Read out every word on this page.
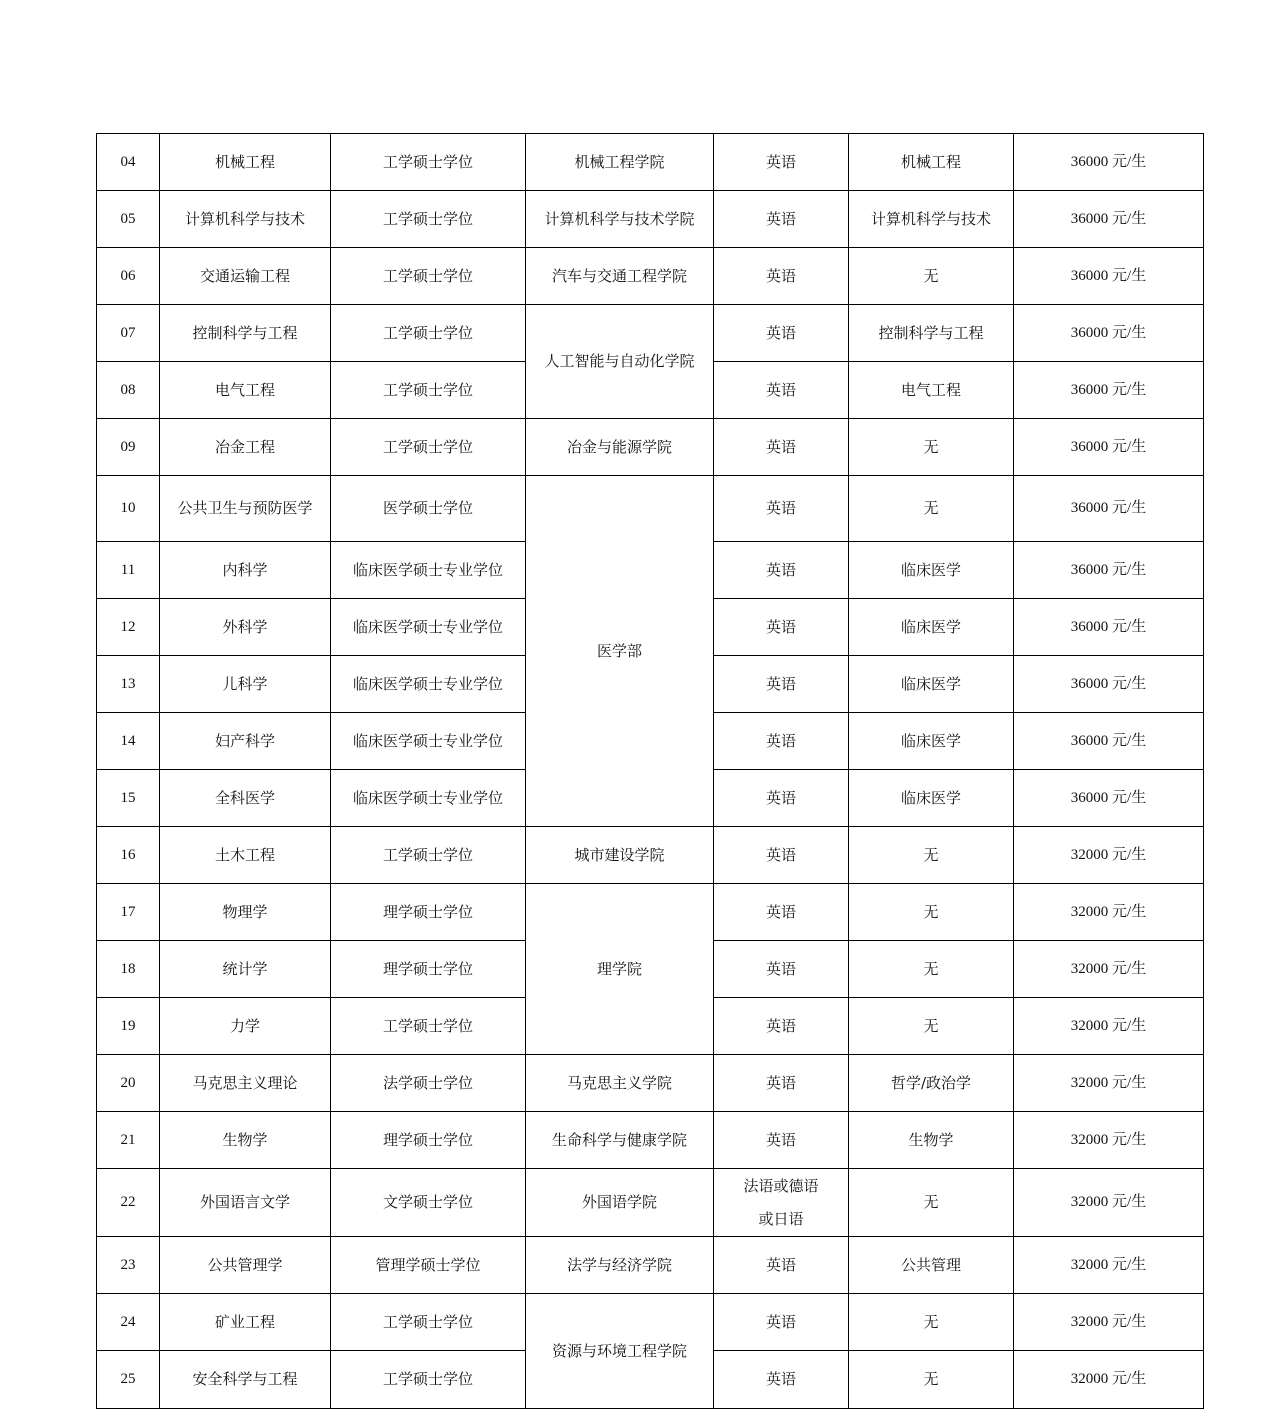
04	机械工程	工学硕士学位	机械工程学院	英语	机械工程	36000 元/生
05	计算机科学与技术	工学硕士学位	计算机科学与技术学院	英语	计算机科学与技术	36000 元/生
06	交通运输工程	工学硕士学位	汽车与交通工程学院	英语	无	36000 元/生
07	控制科学与工程	工学硕士学位	人工智能与自动化学院	英语	控制科学与工程	36000 元/生
08	电气工程	工学硕士学位		英语	电气工程	36000 元/生
09	冶金工程	工学硕士学位	冶金与能源学院	英语	无	36000 元/生
10	公共卫生与预防医学	医学硕士学位	医学部	英语	无	36000 元/生
11	内科学	临床医学硕士专业学位		英语	临床医学	36000 元/生
12	外科学	临床医学硕士专业学位		英语	临床医学	36000 元/生
13	儿科学	临床医学硕士专业学位		英语	临床医学	36000 元/生
14	妇产科学	临床医学硕士专业学位		英语	临床医学	36000 元/生
15	全科医学	临床医学硕士专业学位		英语	临床医学	36000 元/生
16	土木工程	工学硕士学位	城市建设学院	英语	无	32000 元/生
17	物理学	理学硕士学位	理学院	英语	无	32000 元/生
18	统计学	理学硕士学位		英语	无	32000 元/生
19	力学	工学硕士学位		英语	无	32000 元/生
20	马克思主义理论	法学硕士学位	马克思主义学院	英语	哲学/政治学	32000 元/生
21	生物学	理学硕士学位	生命科学与健康学院	英语	生物学	32000 元/生
22	外国语言文学	文学硕士学位	外国语学院	法语或德语
或日语	无	32000 元/生
23	公共管理学	管理学硕士学位	法学与经济学院	英语	公共管理	32000 元/生
24	矿业工程	工学硕士学位	资源与环境工程学院	英语	无	32000 元/生
25	安全科学与工程	工学硕士学位		英语	无	32000 元/生
